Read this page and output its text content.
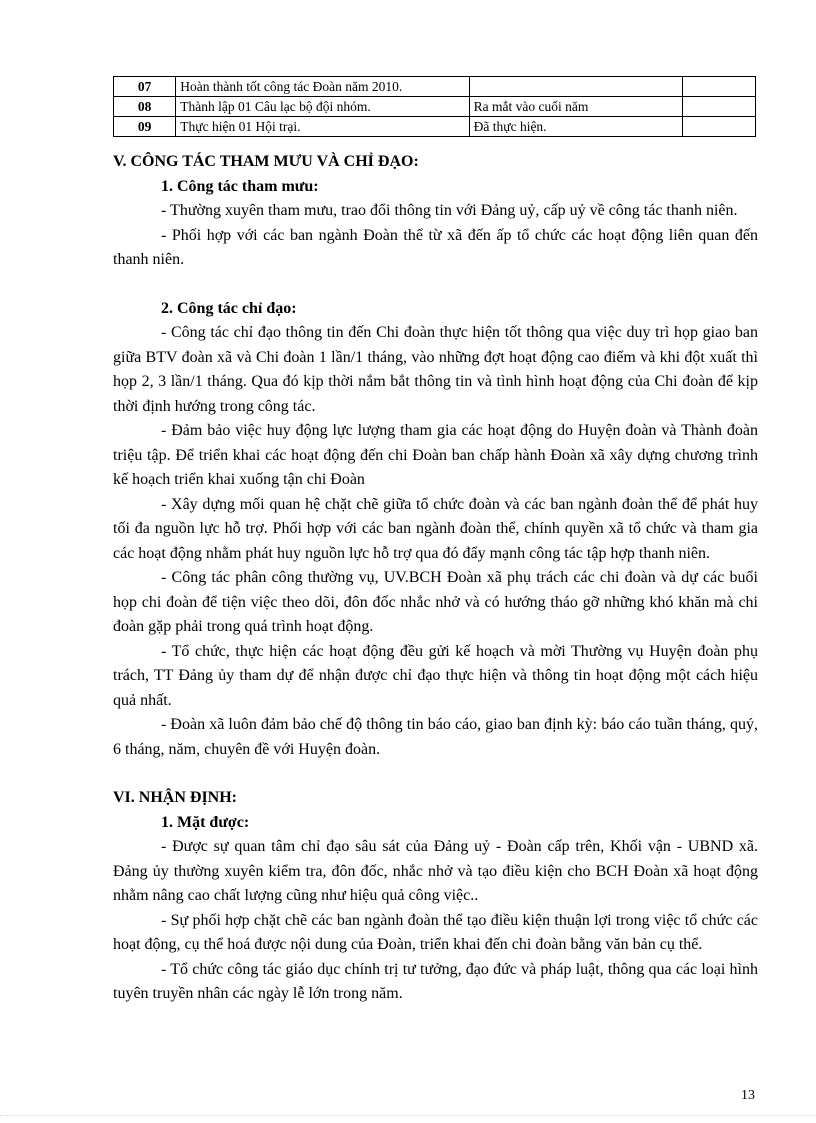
07	Hoàn thành tốt công tác Đoàn năm 2010.		
08	Thành lập 01 Câu lạc bộ đội nhóm.	Ra mắt vào cuối năm	
09	Thực hiện 01 Hội trại.	Đã thực hiện.	

V. CÔNG TÁC THAM MƯU VÀ CHỈ ĐẠO:

1. Công tác tham mưu:

- Thường xuyên tham mưu, trao đổi thông tin với Đảng uỷ, cấp uỷ về công tác thanh niên.

- Phối hợp với các ban ngành Đoàn thể từ xã đến ấp tổ chức các hoạt động liên quan đến thanh niên.

2. Công tác chỉ đạo:

- Công tác chỉ đạo thông tin đến Chi đoàn thực hiện tốt thông qua việc duy trì họp giao ban giữa BTV đoàn xã và Chi đoàn 1 lần/1 tháng, vào những đợt hoạt động cao điểm và khi đột xuất thì họp 2, 3 lần/1 tháng. Qua đó kịp thời nắm bắt thông tin và tình hình hoạt động của Chi đoàn để kịp thời định hướng trong công tác.

- Đảm bảo việc huy động lực lượng tham gia các hoạt động do Huyện đoàn và Thành đoàn triệu tập. Để triển khai các hoạt động đến chi Đoàn ban chấp hành Đoàn xã xây dựng chương trình kế hoạch triển khai xuống tận chi Đoàn

- Xây dựng mối quan hệ chặt chẽ giữa tổ chức đoàn và các ban ngành đoàn thể để phát huy tối đa nguồn lực hỗ trợ. Phối hợp với các ban ngành đoàn thể, chính quyền xã tổ chức và tham gia các hoạt động nhằm phát huy nguồn lực hỗ trợ qua đó đẩy mạnh công tác tập hợp thanh niên.

- Công tác phân công thường vụ, UV.BCH Đoàn xã phụ trách các chi đoàn và dự các buổi họp chi đoàn để tiện việc theo dõi, đôn đốc nhắc nhở và có hướng tháo gỡ những khó khăn mà chi đoàn gặp phải trong quá trình hoạt động.

- Tổ chức, thực hiện các hoạt động đều gửi kế hoạch và mời Thường vụ Huyện đoàn phụ trách, TT Đảng ủy tham dự để nhận được chỉ đạo thực hiện và thông tin hoạt động một cách hiệu quả nhất.

- Đoàn xã luôn đảm bảo chế độ thông tin báo cáo, giao ban định kỳ: báo cáo tuần tháng, quý, 6 tháng, năm, chuyên đề với Huyện đoàn.

VI. NHẬN ĐỊNH:

1. Mặt được:

- Được sự quan tâm chỉ đạo sâu sát của Đảng uỷ - Đoàn cấp trên, Khối vận - UBND xã. Đảng ủy thường xuyên kiểm tra, đôn đốc, nhắc nhở và tạo điều kiện cho BCH Đoàn xã hoạt động nhằm nâng cao chất lượng cũng như hiệu quả công việc..

- Sự phối hợp chặt chẽ các ban ngành đoàn thể tạo điều kiện thuận lợi trong việc tổ chức các hoạt động, cụ thể hoá được nội dung của Đoàn, triển khai đến chi đoàn bằng văn bản cụ thể.

- Tổ chức công tác giáo dục chính trị tư tưởng, đạo đức và pháp luật, thông qua các loại hình tuyên truyền nhân các ngày lễ lớn trong năm.

13
